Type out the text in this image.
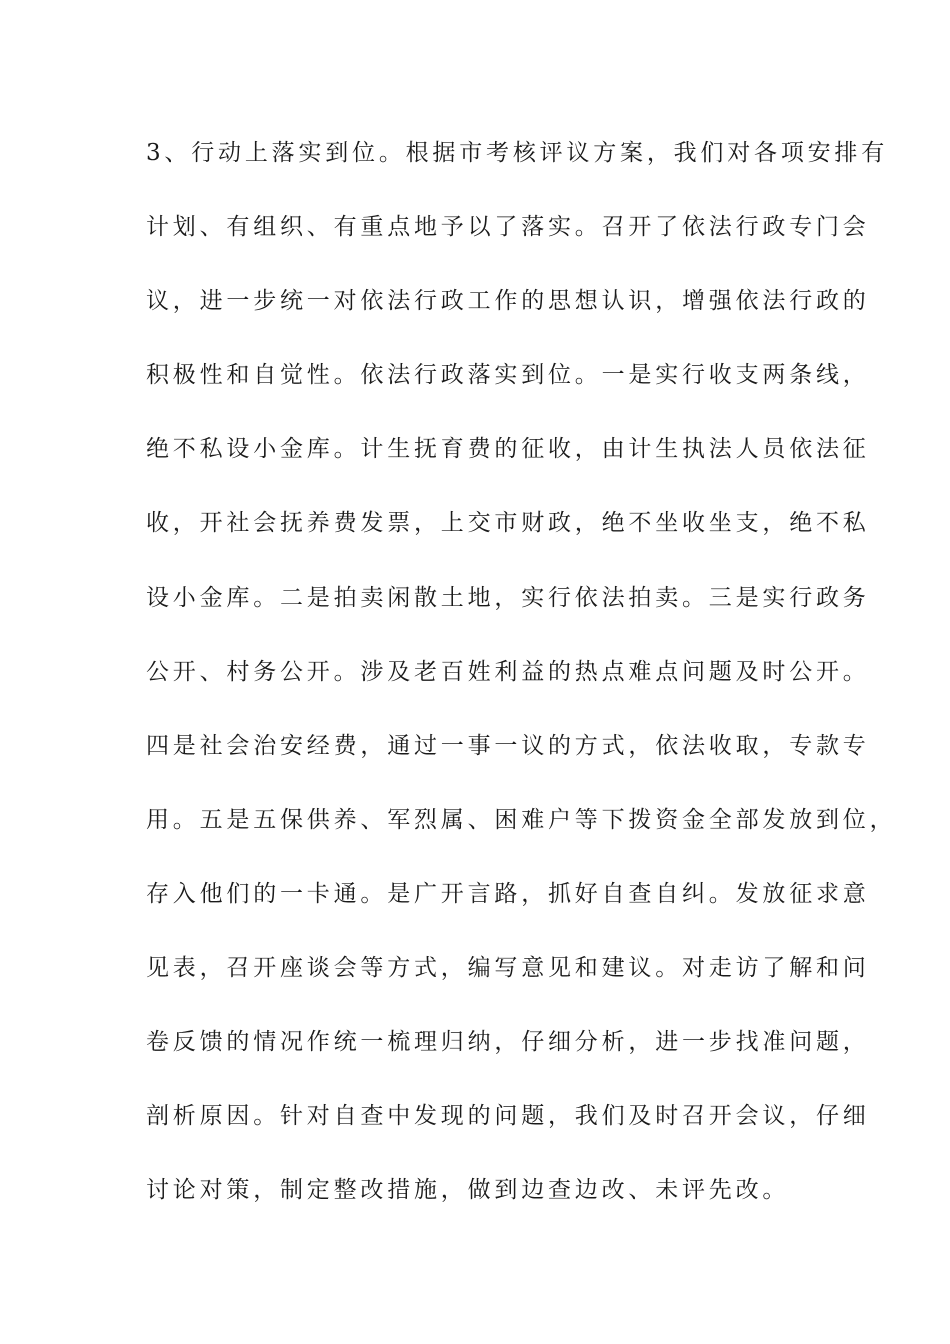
3、行动上落实到位。根据市考核评议方案，我们对各项安排有

计划、有组织、有重点地予以了落实。召开了依法行政专门会

议，进一步统一对依法行政工作的思想认识，增强依法行政的

积极性和自觉性。依法行政落实到位。一是实行收支两条线，

绝不私设小金库。计生抚育费的征收，由计生执法人员依法征

收，开社会抚养费发票，上交市财政，绝不坐收坐支，绝不私

设小金库。二是拍卖闲散土地，实行依法拍卖。三是实行政务

公开、村务公开。涉及老百姓利益的热点难点问题及时公开。

四是社会治安经费，通过一事一议的方式，依法收取，专款专

用。五是五保供养、军烈属、困难户等下拨资金全部发放到位，

存入他们的一卡通。是广开言路，抓好自查自纠。发放征求意

见表，召开座谈会等方式，编写意见和建议。对走访了解和问

卷反馈的情况作统一梳理归纳，仔细分析，进一步找准问题，

剖析原因。针对自查中发现的问题，我们及时召开会议，仔细

讨论对策，制定整改措施，做到边查边改、未评先改。
